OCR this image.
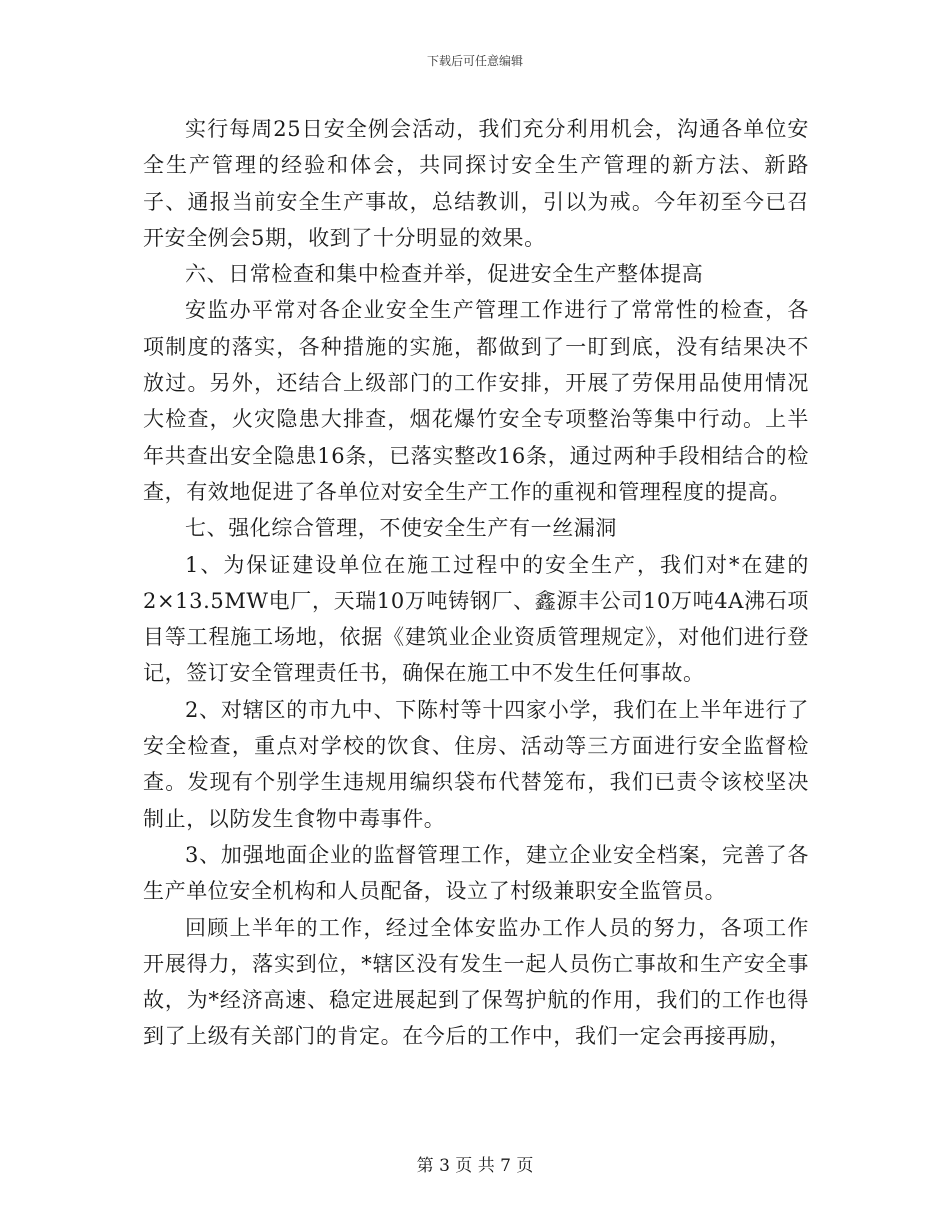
下载后可任意编辑

实行每周25日安全例会活动，我们充分利用机会，沟通各单位安全生产管理的经验和体会，共同探讨安全生产管理的新方法、新路子、通报当前安全生产事故，总结教训，引以为戒。今年初至今已召开安全例会5期，收到了十分明显的效果。

六、日常检查和集中检查并举，促进安全生产整体提高

安监办平常对各企业安全生产管理工作进行了常常性的检查，各项制度的落实，各种措施的实施，都做到了一盯到底，没有结果决不放过。另外，还结合上级部门的工作安排，开展了劳保用品使用情况大检查，火灾隐患大排查，烟花爆竹安全专项整治等集中行动。上半年共查出安全隐患16条，已落实整改16条，通过两种手段相结合的检查，有效地促进了各单位对安全生产工作的重视和管理程度的提高。

七、强化综合管理，不使安全生产有一丝漏洞

1、为保证建设单位在施工过程中的安全生产，我们对*在建的2×13.5MW电厂，天瑞10万吨铸钢厂、鑫源丰公司10万吨4A沸石项目等工程施工场地，依据《建筑业企业资质管理规定》，对他们进行登记，签订安全管理责任书，确保在施工中不发生任何事故。

2、对辖区的市九中、下陈村等十四家小学，我们在上半年进行了安全检查，重点对学校的饮食、住房、活动等三方面进行安全监督检查。发现有个别学生违规用编织袋布代替笼布，我们已责令该校坚决制止，以防发生食物中毒事件。

3、加强地面企业的监督管理工作，建立企业安全档案，完善了各生产单位安全机构和人员配备，设立了村级兼职安全监管员。

回顾上半年的工作，经过全体安监办工作人员的努力，各项工作开展得力，落实到位，*辖区没有发生一起人员伤亡事故和生产安全事故，为*经济高速、稳定进展起到了保驾护航的作用，我们的工作也得到了上级有关部门的肯定。在今后的工作中，我们一定会再接再励，

第 3 页 共 7 页
